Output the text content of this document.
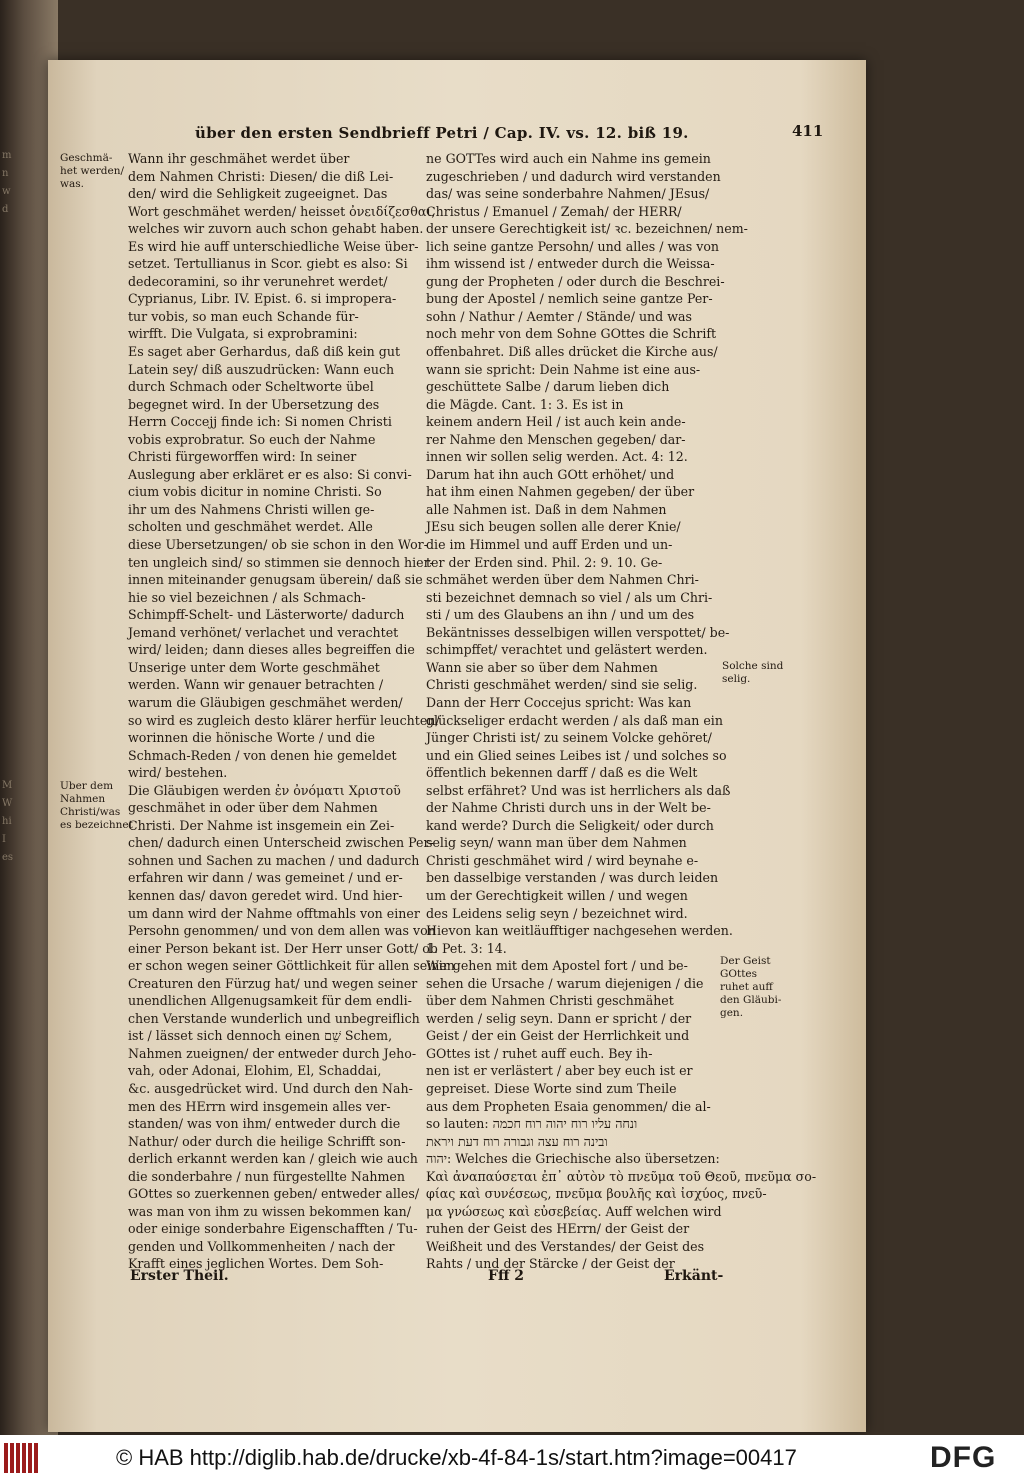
m
n
w
d
M
W
hi
I
es
über den ersten Sendbrieff Petri / Cap. IV. vs. 12. biß 19.	411
Geschmä-
het werden/
was.
Uber dem
Nahmen
Christi/was
es bezeichnet
Solche sind
selig.
Der Geist
GOttes
ruhet auff
den Gläubi-
gen.
Wann ihr geschmähet werdet über
dem Nahmen Christi: Diesen/ die diß Lei-
den/ wird die Sehligkeit zugeeignet. Das
Wort geschmähet werden/ heisset ὀνειδίζεσθαι,
welches wir zuvorn auch schon gehabt haben.
Es wird hie auff unterschiedliche Weise über-
setzet. Tertullianus in Scor. giebt es also: Si
dedecoramini, so ihr verunehret werdet/
Cyprianus, Libr. IV. Epist. 6. si impropera-
tur vobis, so man euch Schande für-
wirfft. Die Vulgata, si exprobramini:
Es saget aber Gerhardus, daß diß kein gut
Latein sey/ diß auszudrücken: Wann euch
durch Schmach oder Scheltworte übel
begegnet wird. In der Ubersetzung des
Herrn Coccejj finde ich: Si nomen Christi
vobis exprobratur. So euch der Nahme
Christi fürgeworffen wird: In seiner
Auslegung aber erkläret er es also: Si convi-
cium vobis dicitur in nomine Christi. So
ihr um des Nahmens Christi willen ge-
scholten und geschmähet werdet. Alle
diese Ubersetzungen/ ob sie schon in den Wor-
ten ungleich sind/ so stimmen sie dennoch hier-
innen miteinander genugsam überein/ daß sie
hie so viel bezeichnen / als Schmach-
Schimpff-Schelt- und Lästerworte/ dadurch
Jemand verhönet/ verlachet und verachtet
wird/ leiden; dann dieses alles begreiffen die
Unserige unter dem Worte geschmähet
werden. Wann wir genauer betrachten /
warum die Gläubigen geschmähet werden/
so wird es zugleich desto klärer herfür leuchten/
worinnen die hönische Worte / und die
Schmach-Reden / von denen hie gemeldet
wird/ bestehen.
Die Gläubigen werden ἐν ὀνόματι Χριστοῦ
geschmähet in oder über dem Nahmen
Christi. Der Nahme ist insgemein ein Zei-
chen/ dadurch einen Unterscheid zwischen Per-
sohnen und Sachen zu machen / und dadurch
erfahren wir dann / was gemeinet / und er-
kennen das/ davon geredet wird. Und hier-
um dann wird der Nahme offtmahls von einer
Persohn genommen/ und von dem allen was von
einer Person bekant ist. Der Herr unser Gott/ ob
er schon wegen seiner Göttlichkeit für allen seinen
Creaturen den Fürzug hat/ und wegen seiner
unendlichen Allgenugsamkeit für dem endli-
chen Verstande wunderlich und unbegreiflich
ist / lässet sich dennoch einen שֵׁם Schem,
Nahmen zueignen/ der entweder durch Jeho-
vah, oder Adonai, Elohim, El, Schaddai,
&c. ausgedrücket wird. Und durch den Nah-
men des HErrn wird insgemein alles ver-
standen/ was von ihm/ entweder durch die
Nathur/ oder durch die heilige Schrifft son-
derlich erkannt werden kan / gleich wie auch
die sonderbahre / nun fürgestellte Nahmen
GOttes so zuerkennen geben/ entweder alles/
was man von ihm zu wissen bekommen kan/
oder einige sonderbahre Eigenschafften / Tu-
genden und Vollkommenheiten / nach der
Krafft eines jeglichen Wortes. Dem Soh-
ne GOTTes wird auch ein Nahme ins gemein
zugeschrieben / und dadurch wird verstanden
das/ was seine sonderbahre Nahmen/ JEsus/
Christus / Emanuel / Zemah/ der HERR/
der unsere Gerechtigkeit ist/ ꝛc. bezeichnen/ nem-
lich seine gantze Persohn/ und alles / was von
ihm wissend ist / entweder durch die Weissa-
gung der Propheten / oder durch die Beschrei-
bung der Apostel / nemlich seine gantze Per-
sohn / Nathur / Aemter / Stände/ und was
noch mehr von dem Sohne GOttes die Schrift
offenbahret. Diß alles drücket die Kirche aus/
wann sie spricht: Dein Nahme ist eine aus-
geschüttete Salbe / darum lieben dich
die Mägde. Cant. 1: 3. Es ist in
keinem andern Heil / ist auch kein ande-
rer Nahme den Menschen gegeben/ dar-
innen wir sollen selig werden. Act. 4: 12.
Darum hat ihn auch GOtt erhöhet/ und
hat ihm einen Nahmen gegeben/ der über
alle Nahmen ist. Daß in dem Nahmen
JEsu sich beugen sollen alle derer Knie/
die im Himmel und auff Erden und un-
ter der Erden sind. Phil. 2: 9. 10. Ge-
schmähet werden über dem Nahmen Chri-
sti bezeichnet demnach so viel / als um Chri-
sti / um des Glaubens an ihn / und um des
Bekäntnisses desselbigen willen verspottet/ be-
schimpffet/ verachtet und gelästert werden.
Wann sie aber so über dem Nahmen
Christi geschmähet werden/ sind sie selig.
Dann der Herr Coccejus spricht: Was kan
glückseliger erdacht werden / als daß man ein
Jünger Christi ist/ zu seinem Volcke gehöret/
und ein Glied seines Leibes ist / und solches so
öffentlich bekennen darff / daß es die Welt
selbst erfähret? Und was ist herrlichers als daß
der Nahme Christi durch uns in der Welt be-
kand werde? Durch die Seligkeit/ oder durch
selig seyn/ wann man über dem Nahmen
Christi geschmähet wird / wird beynahe e-
ben dasselbige verstanden / was durch leiden
um der Gerechtigkeit willen / und wegen
des Leidens selig seyn / bezeichnet wird.
Hievon kan weitläufftiger nachgesehen werden.
1. Pet. 3: 14.
Wir gehen mit dem Apostel fort / und be-
sehen die Ursache / warum diejenigen / die
über dem Nahmen Christi geschmähet
werden / selig seyn. Dann er spricht / der
Geist / der ein Geist der Herrlichkeit und
GOttes ist / ruhet auff euch. Bey ih-
nen ist er verlästert / aber bey euch ist er
gepreiset. Diese Worte sind zum Theile
aus dem Propheten Esaia genommen/ die al-
so lauten: ונחה עליו רוח יהוה רוח חכמה
ובינה רוח עצה וגבורה רוח דעת ויראת
יהוה: Welches die Griechische also übersetzen:
Καὶ ἀναπαύσεται ἐπ᾽ αὐτὸν τὸ πνεῦμα τοῦ Θεοῦ, πνεῦμα σο-
φίας καὶ συνέσεως, πνεῦμα βουλῆς καὶ ἰσχύος, πνεῦ-
μα γνώσεως καὶ εὐσεβείας. Auff welchen wird
ruhen der Geist des HErrn/ der Geist der
Weißheit und des Verstandes/ der Geist des
Rahts / und der Stärcke / der Geist der
Erster Theil.	Fff 2	Erkänt-
© HAB http://diglib.hab.de/drucke/xb-4f-84-1s/start.htm?image=00417	DFG
